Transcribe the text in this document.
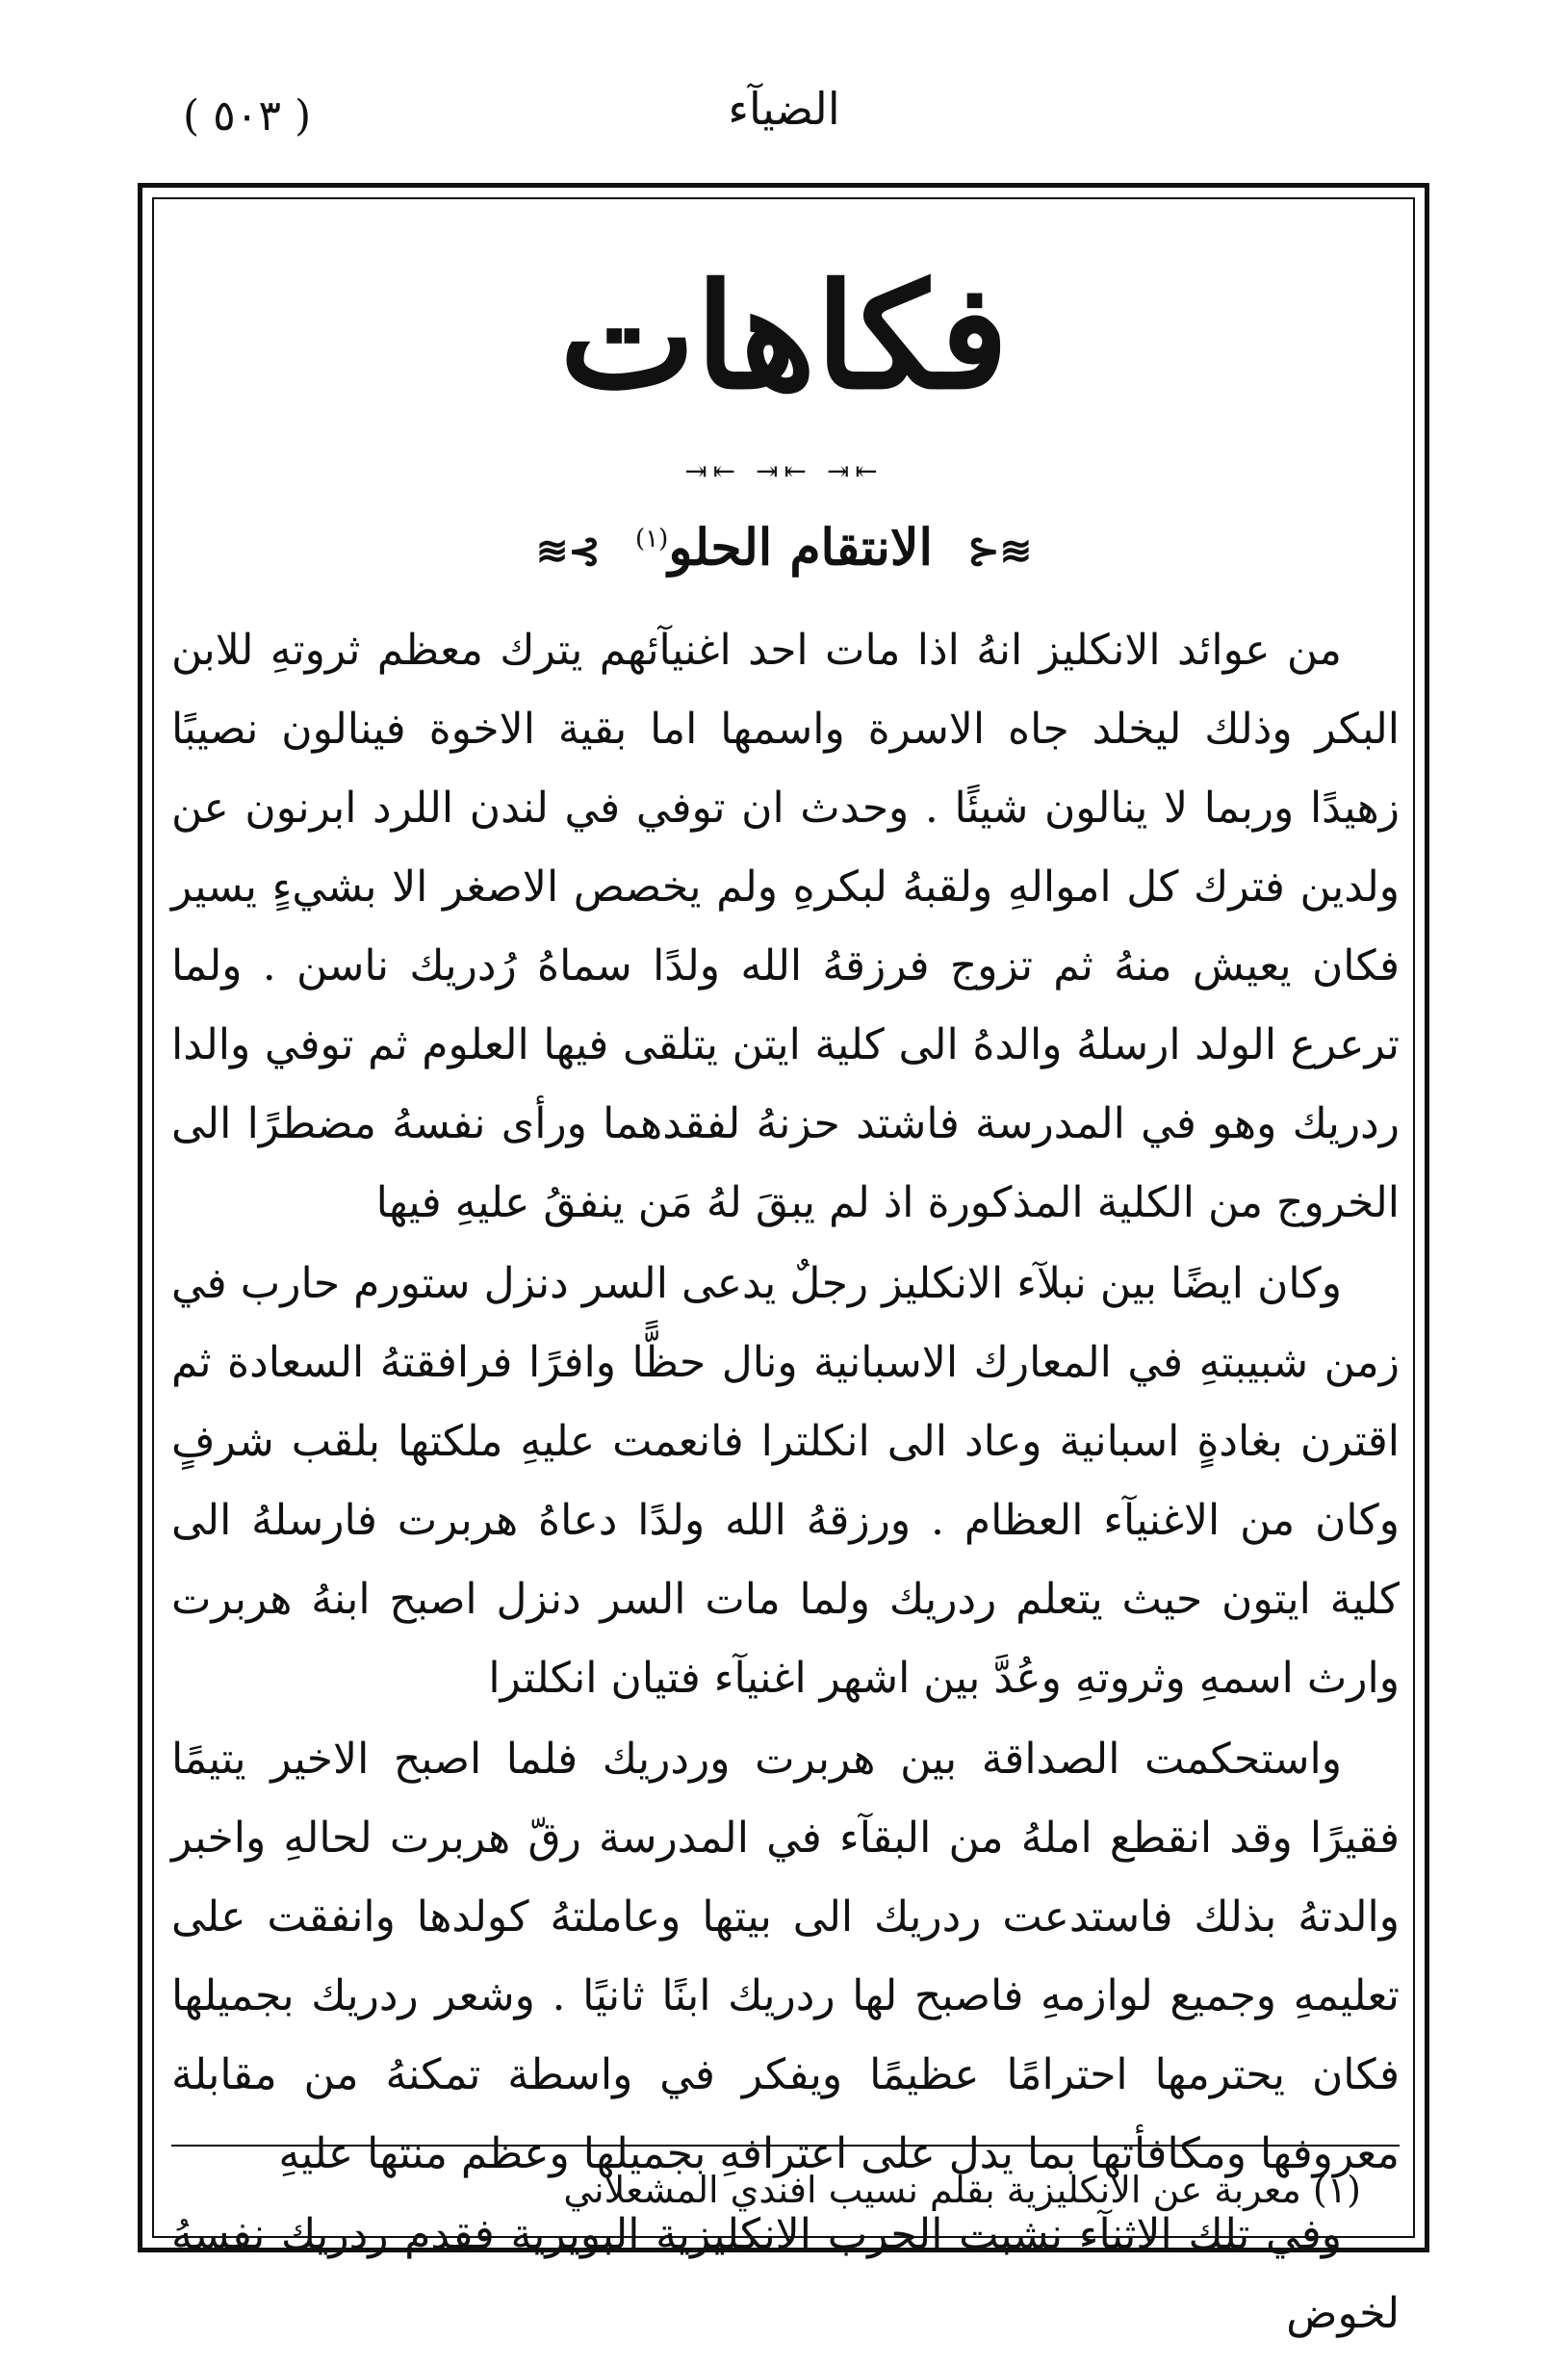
الضيآء
( ٥٠٣ )
فكاهات
⇤⇥ ⇤⇥ ⇤⇥
≋⊰ الانتقام الحلو$^{(١)}$ ⊱≋

من عوائد الانكليز انهُ اذا مات احد اغنيآئهم يترك معظم ثروتهِ للابن البكر وذلك ليخلد جاه الاسرة واسمها اما بقية الاخوة فينالون نصيبًا زهيدًا وربما لا ينالون شيئًا . وحدث ان توفي في لندن اللرد ابرنون عن ولدين فترك كل اموالهِ ولقبهُ لبكرهِ ولم يخصص الاصغر الا بشيءٍ يسير فكان يعيش منهُ ثم تزوج فرزقهُ الله ولدًا سماهُ رُدريك ناسن . ولما ترعرع الولد ارسلهُ والدهُ الى كلية ايتن يتلقى فيها العلوم ثم توفي والدا ردريك وهو في المدرسة فاشتد حزنهُ لفقدهما ورأى نفسهُ مضطرًا الى الخروج من الكلية المذكورة اذ لم يبقَ لهُ مَن ينفقُ عليهِ فيها

وكان ايضًا بين نبلآء الانكليز رجلٌ يدعى السر دنزل ستورم حارب في زمن شبيبتهِ في المعارك الاسبانية ونال حظًّا وافرًا فرافقتهُ السعادة ثم اقترن بغادةٍ اسبانية وعاد الى انكلترا فانعمت عليهِ ملكتها بلقب شرفٍ وكان من الاغنيآء العظام . ورزقهُ الله ولدًا دعاهُ هربرت فارسلهُ الى كلية ايتون حيث يتعلم ردريك ولما مات السر دنزل اصبح ابنهُ هربرت وارث اسمهِ وثروتهِ وعُدَّ بين اشهر اغنيآء فتيان انكلترا

واستحكمت الصداقة بين هربرت وردريك فلما اصبح الاخير يتيمًا فقيرًا وقد انقطع املهُ من البقآء في المدرسة رقّ هربرت لحالهِ واخبر والدتهُ بذلك فاستدعت ردريك الى بيتها وعاملتهُ كولدها وانفقت على تعليمهِ وجميع لوازمهِ فاصبح لها ردريك ابنًا ثانيًا . وشعر ردريك بجميلها فكان يحترمها احترامًا عظيمًا ويفكر في واسطة تمكنهُ من مقابلة معروفها ومكافأتها بما يدل على اعترافهِ بجميلها وعظم منتها عليهِ

وفي تلك الاثنآء نشبت الحرب الانكليزية البويرية فقدم ردريك نفسهُ لخوض

(١) معربة عن الانكليزية بقلم نسيب افندي المشعلاني
